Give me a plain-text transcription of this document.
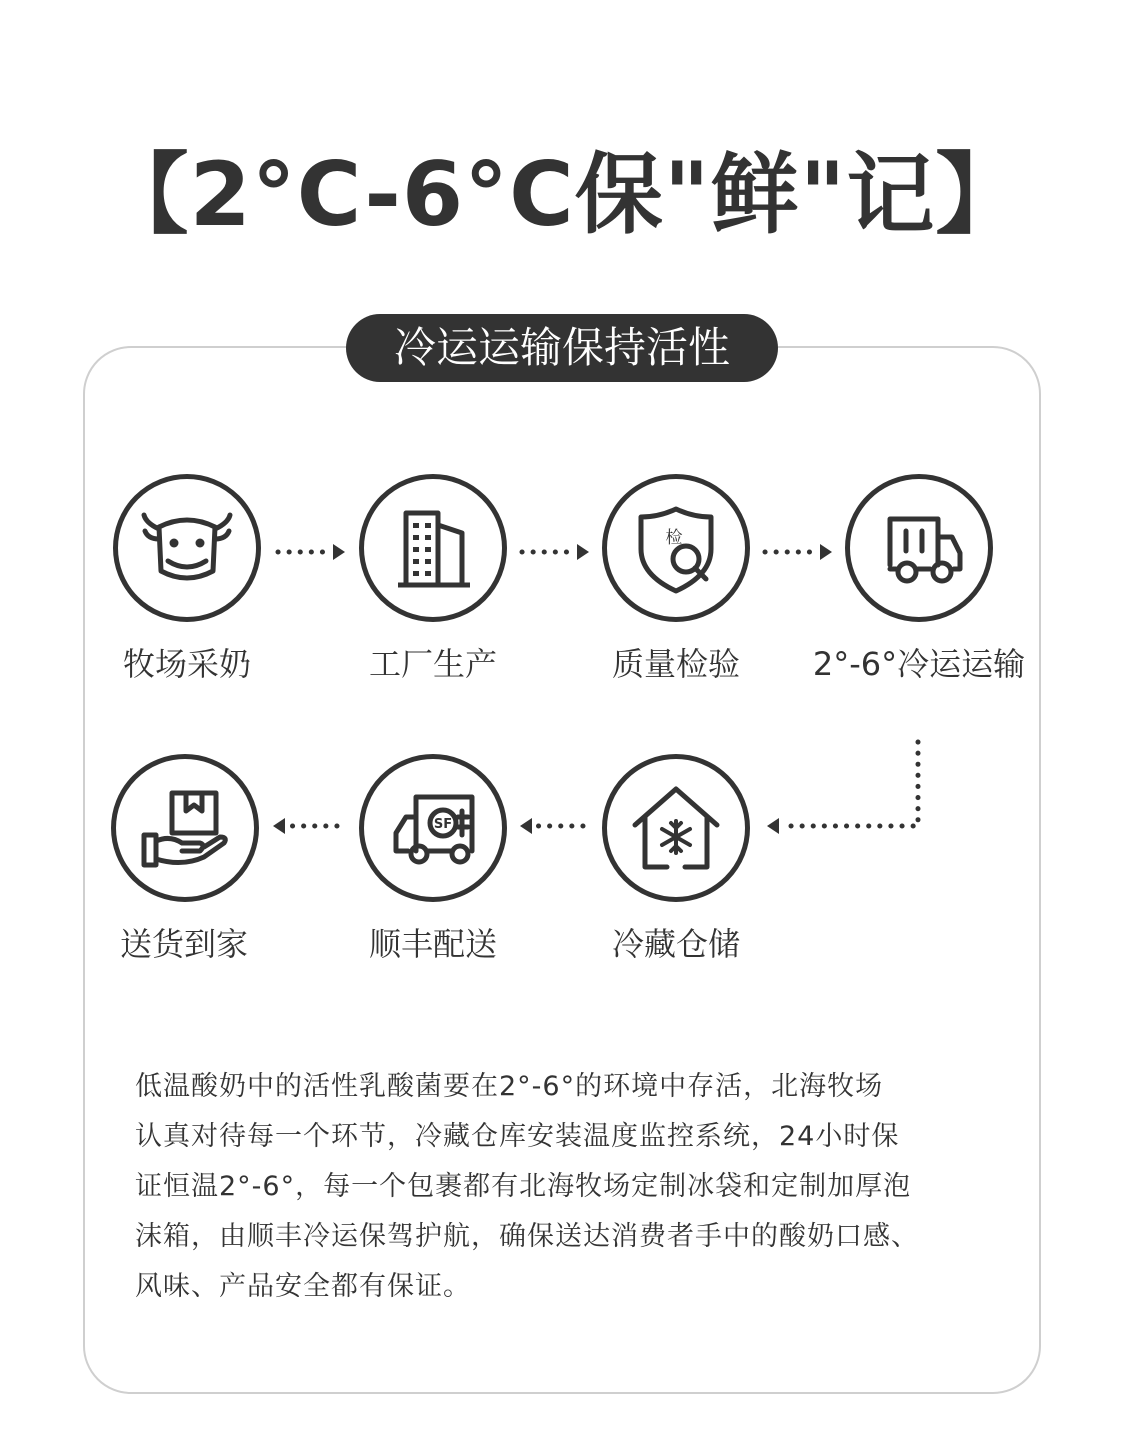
【2°C-6°C保"鲜"记】
冷运运输保持活性
牧场采奶	工厂生产
检
质量检验	2°-6°冷运运输
冷藏仓储
SF
顺丰配送
送货到家
低温酸奶中的活性乳酸菌要在2°-6°的环境中存活，北海牧场
认真对待每一个环节，冷藏仓库安装温度监控系统，24小时保
证恒温2°-6°，每一个包裹都有北海牧场定制冰袋和定制加厚泡
沫箱，由顺丰冷运保驾护航，确保送达消费者手中的酸奶口感、
风味、产品安全都有保证。
